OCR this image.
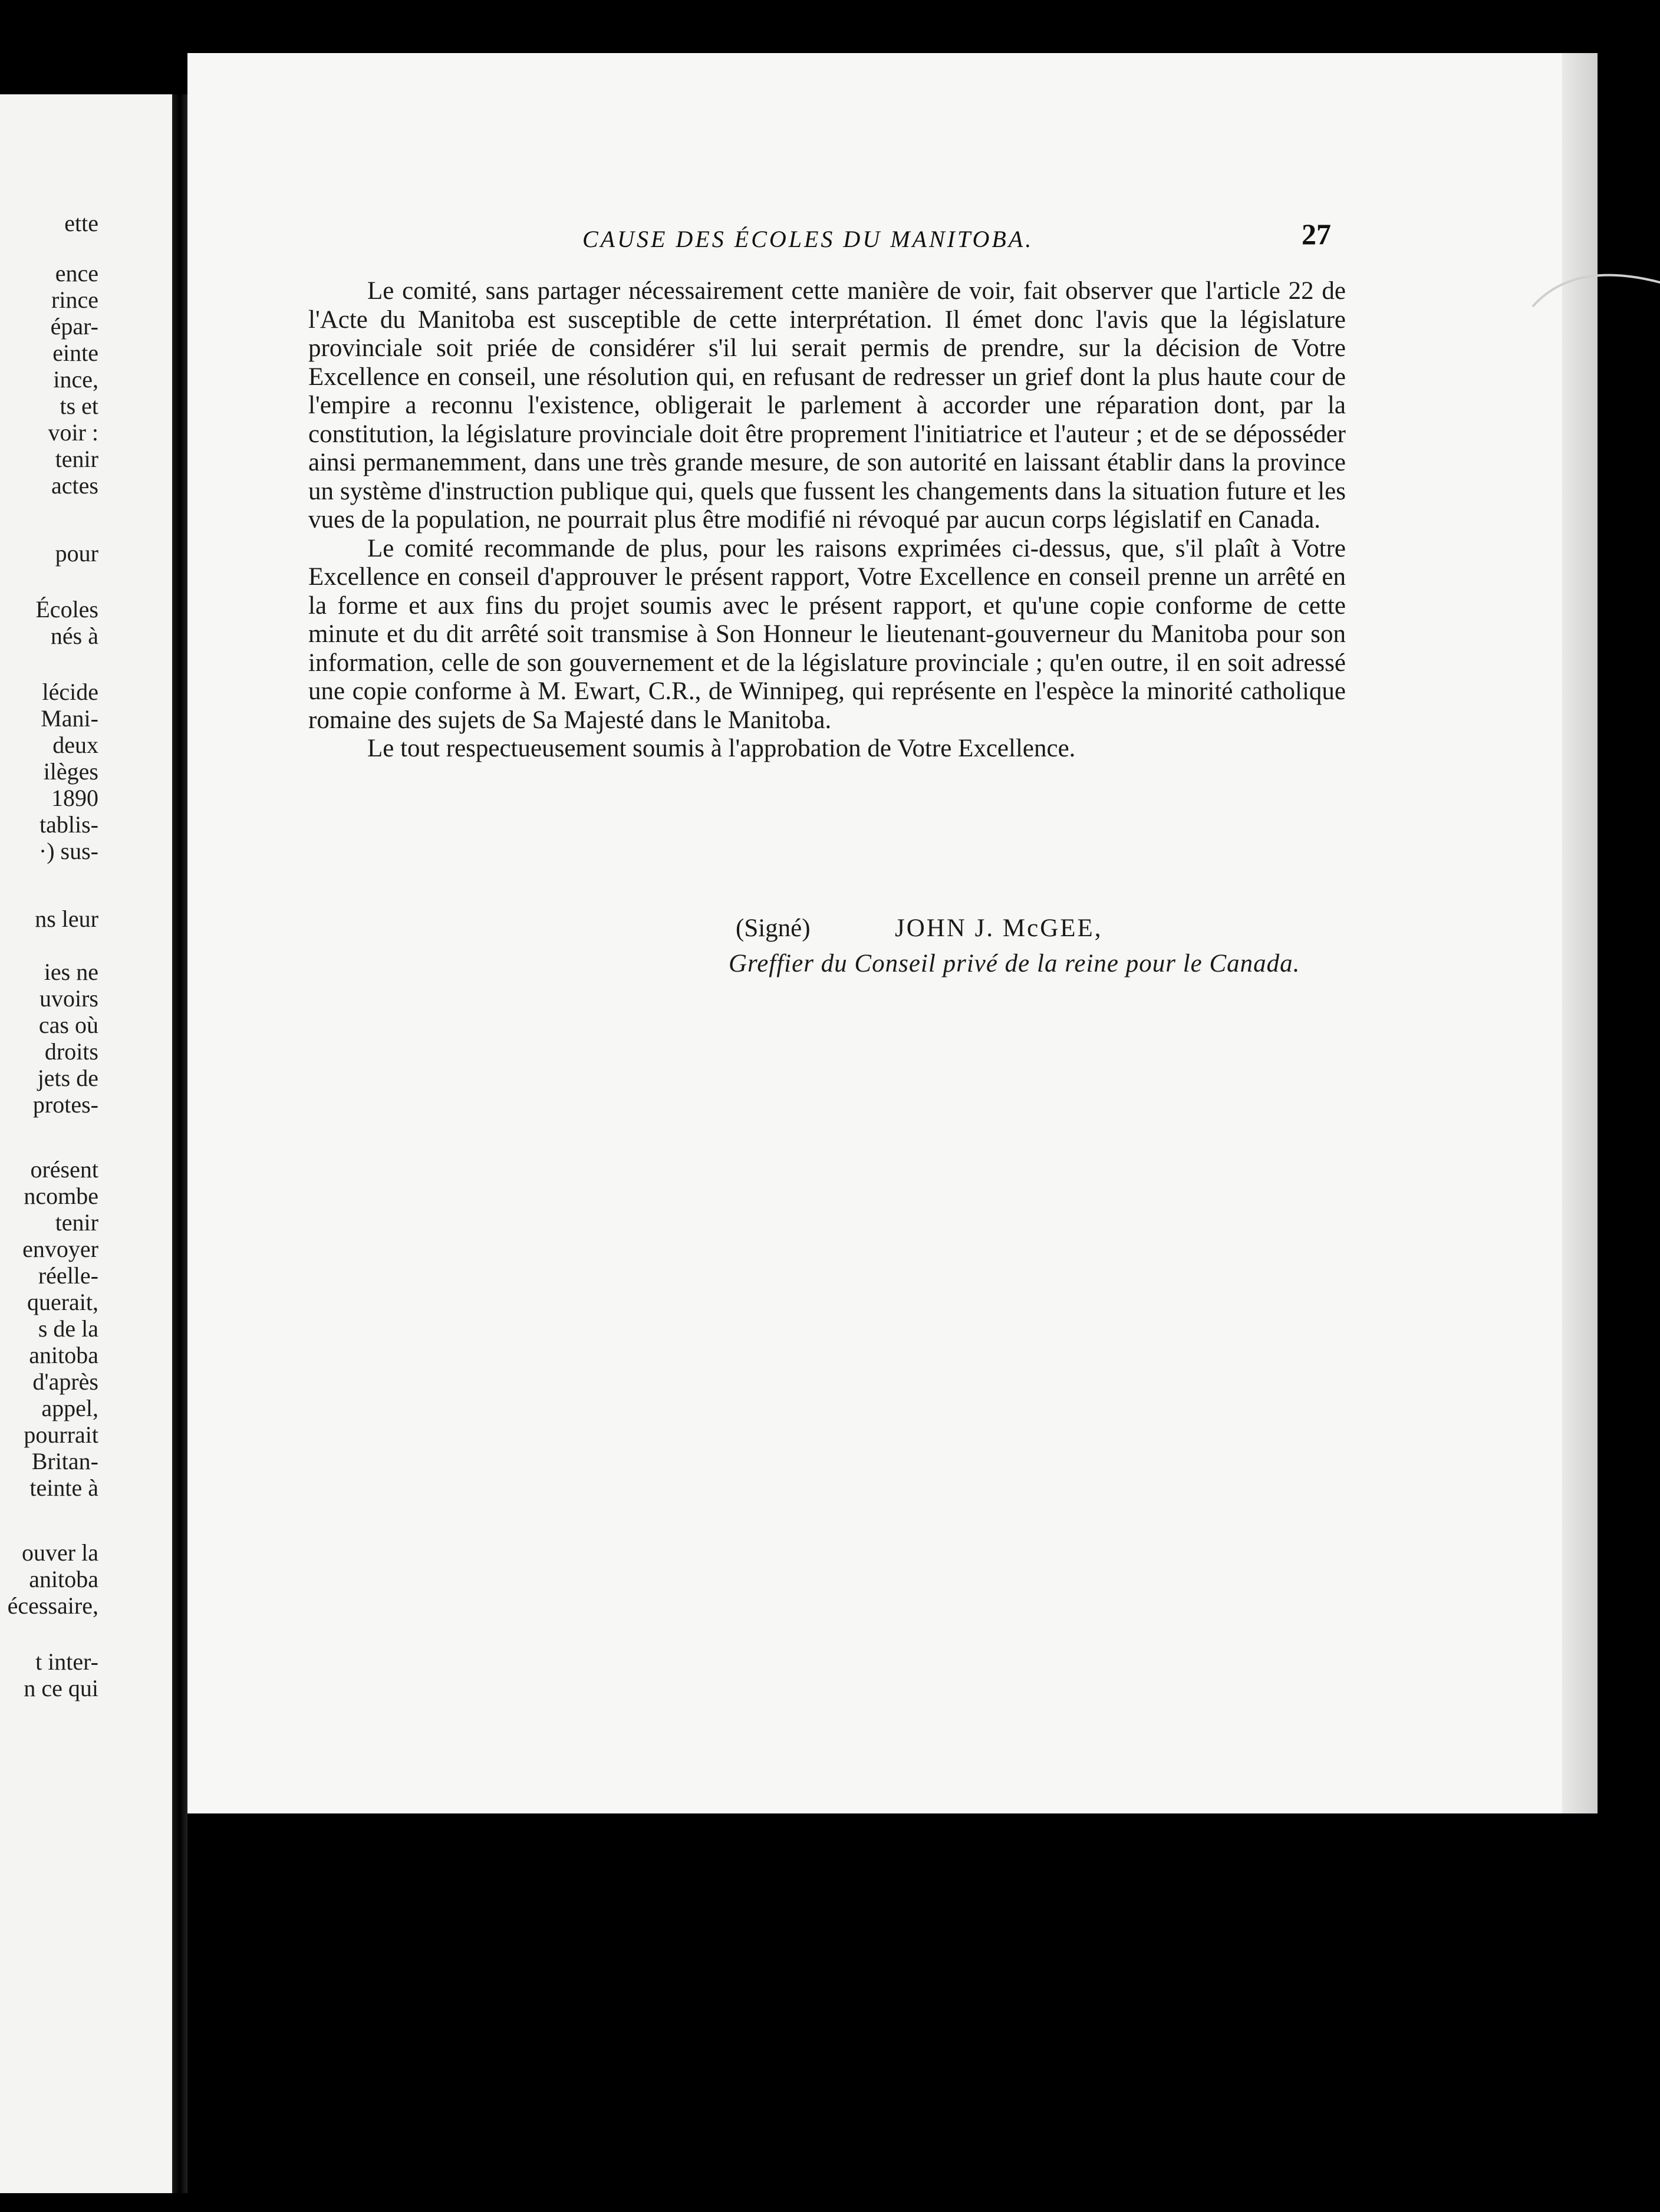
ette
ence
rince
épar-
einte
ince,
ts et
voir :
tenir
actes
pour
Écoles
nés à
lécide
Mani-
deux
ilèges
1890
tablis-
·) sus-
ns leur
ies ne
uvoirs
cas où
droits
jets de
protes-
orésent
ncombe
tenir
envoyer
réelle-
querait,
s de la
anitoba
d'après
appel,
pourrait
Britan-
teinte à
ouver la
anitoba
écessaire,
t inter-
n ce qui
CAUSE DES ÉCOLES DU MANITOBA.	27

Le comité, sans partager nécessairement cette manière de voir, fait observer que l'article 22 de l'Acte du Manitoba est susceptible de cette interprétation. Il émet donc l'avis que la législature provinciale soit priée de considérer s'il lui serait permis de prendre, sur la décision de Votre Excellence en conseil, une résolution qui, en refusant de redresser un grief dont la plus haute cour de l'empire a reconnu l'existence, obligerait le parlement à accorder une réparation dont, par la constitution, la législature provinciale doit être proprement l'initiatrice et l'auteur ; et de se déposséder ainsi permanemment, dans une très grande mesure, de son autorité en laissant établir dans la province un système d'instruction publique qui, quels que fussent les changements dans la situation future et les vues de la population, ne pourrait plus être modifié ni révoqué par aucun corps législatif en Canada.

Le comité recommande de plus, pour les raisons exprimées ci-dessus, que, s'il plaît à Votre Excellence en conseil d'approuver le présent rapport, Votre Excellence en conseil prenne un arrêté en la forme et aux fins du projet soumis avec le présent rapport, et qu'une copie conforme de cette minute et du dit arrêté soit transmise à Son Honneur le lieutenant-gouverneur du Manitoba pour son information, celle de son gouvernement et de la législature provinciale ; qu'en outre, il en soit adressé une copie conforme à M. Ewart, C.R., de Winnipeg, qui représente en l'espèce la minorité catholique romaine des sujets de Sa Majesté dans le Manitoba.

Le tout respectueusement soumis à l'approbation de Votre Excellence.

(Signé)	JOHN J. McGEE,
Greffier du Conseil privé de la reine pour le Canada.
